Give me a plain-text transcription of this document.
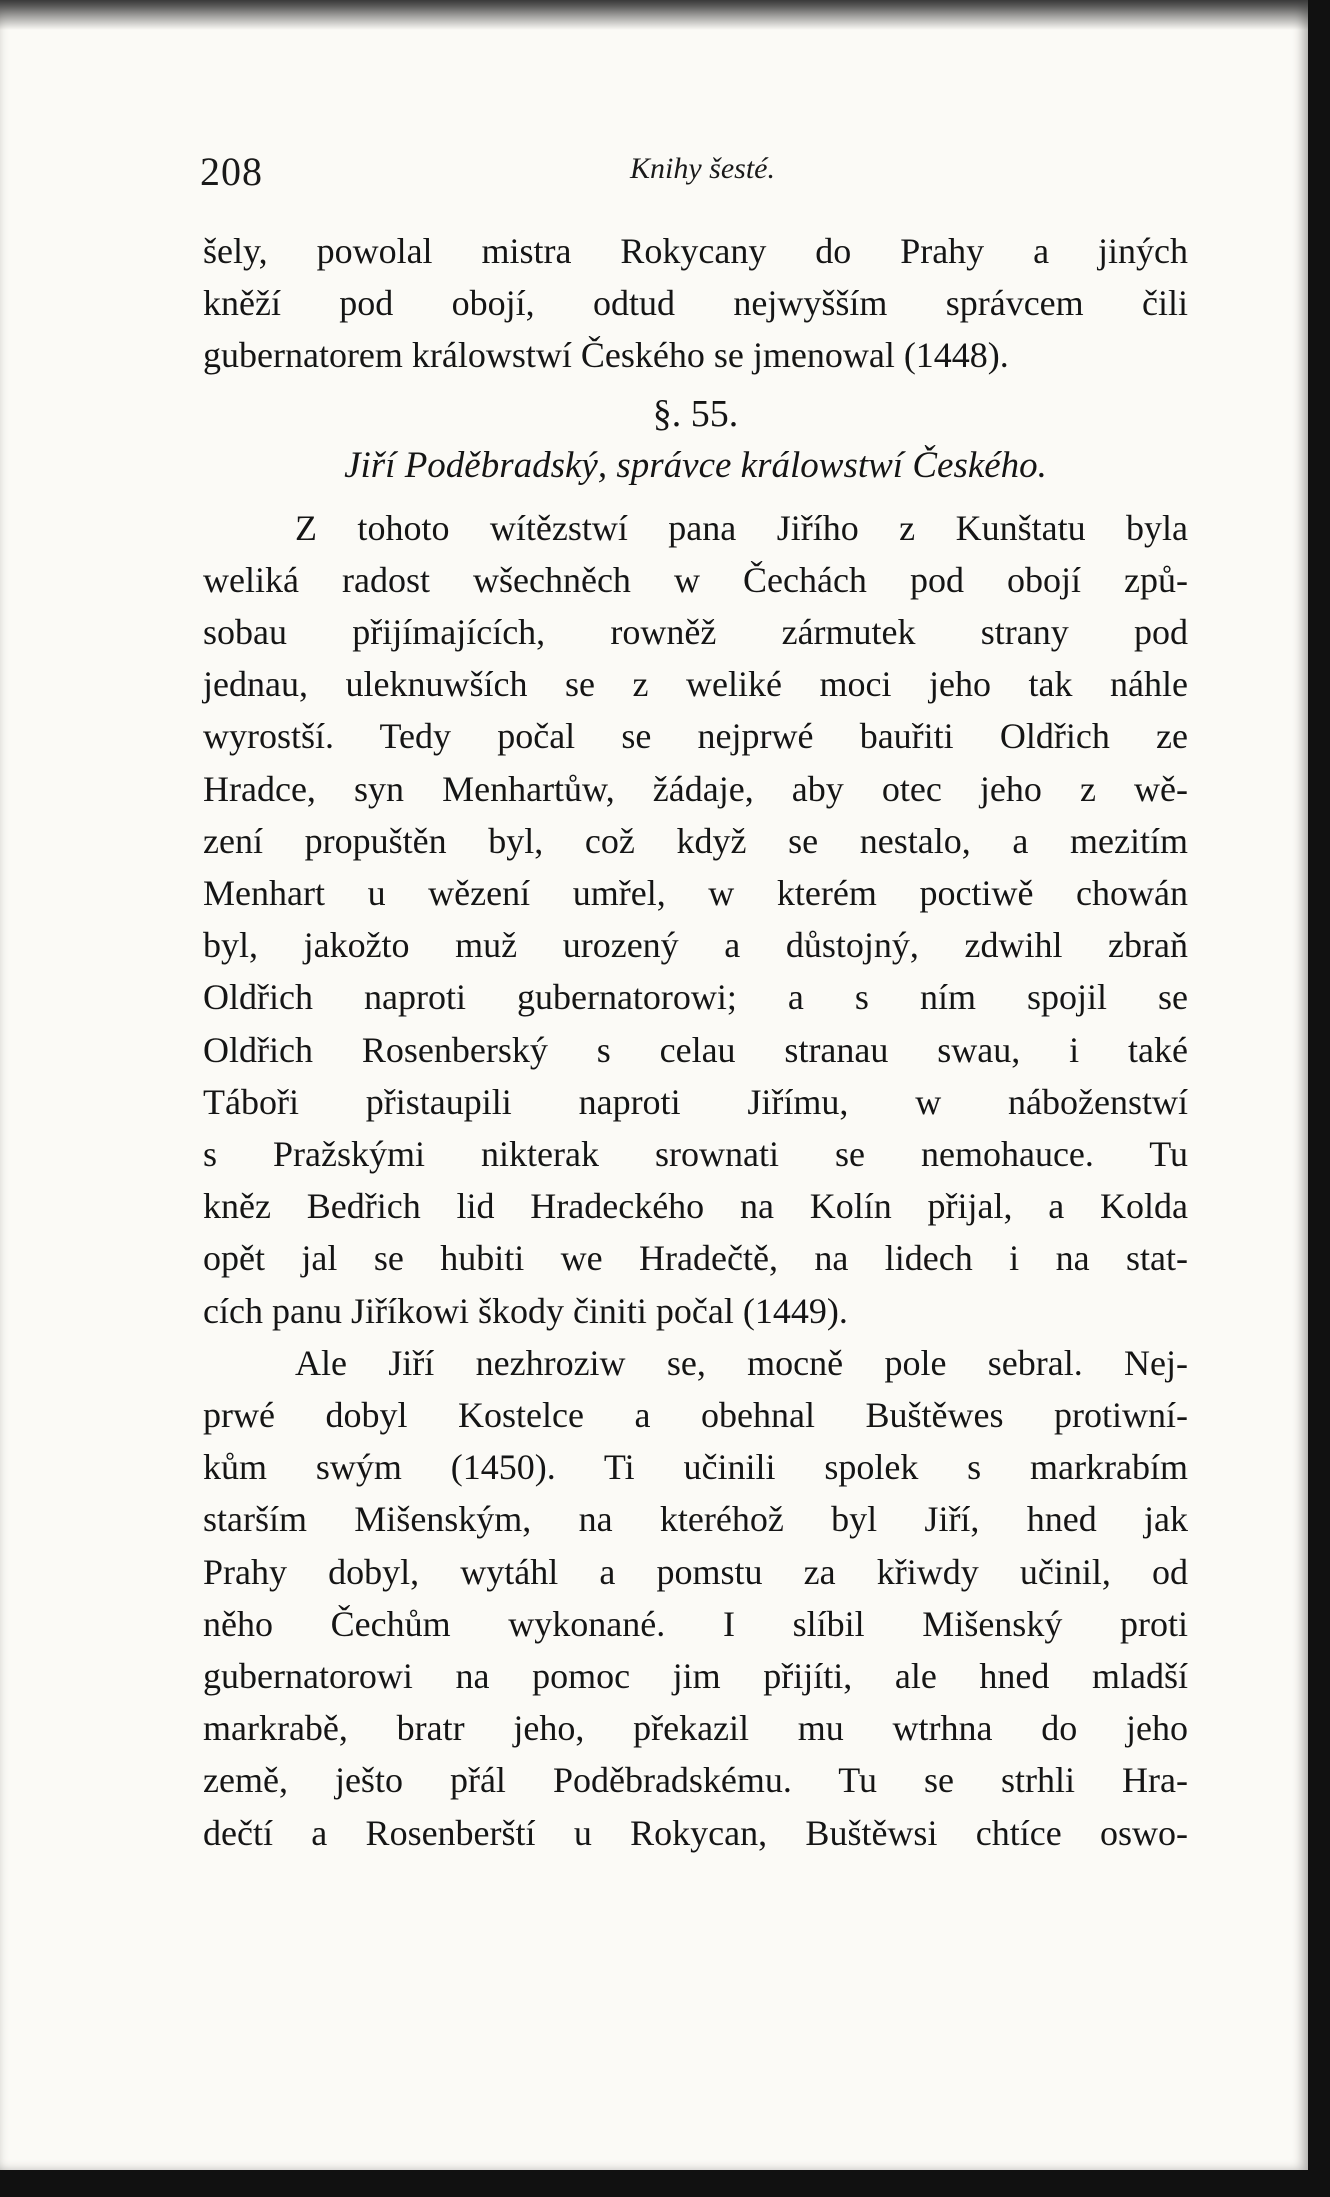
208	Knihy šesté.
šely, powolal mistra Rokycany do Prahy a jiných
kněží pod obojí, odtud nejwyšším správcem čili
gubernatorem králowstwí Českého se jmenowal (1448).
§. 55.
Jiří Poděbradský, správce králowstwí Českého.
Z tohoto wítězstwí pana Jiřího z Kunštatu byla
weliká radost wšechněch w Čechách pod obojí způ-
sobau přijímajících, rowněž zármutek strany pod
jednau, uleknuwších se z weliké moci jeho tak náhle
wyrostší. Tedy počal se nejprwé bauřiti Oldřich ze
Hradce, syn Menhartůw, žádaje, aby otec jeho z wě-
zení propuštěn byl, což když se nestalo, a mezitím
Menhart u wězení umřel, w kterém poctiwě chowán
byl, jakožto muž urozený a důstojný, zdwihl zbraň
Oldřich naproti gubernatorowi; a s ním spojil se
Oldřich Rosenberský s celau stranau swau, i také
Táboři přistaupili naproti Jiřímu, w náboženstwí
s Pražskými nikterak srownati se nemohauce. Tu
kněz Bedřich lid Hradeckého na Kolín přijal, a Kolda
opět jal se hubiti we Hradečtě, na lidech i na stat-
cích panu Jiříkowi škody činiti počal (1449).
Ale Jiří nezhroziw se, mocně pole sebral. Nej-
prwé dobyl Kostelce a obehnal Buštěwes protiwní-
kům swým (1450). Ti učinili spolek s markrabím
starším Mišenským, na kteréhož byl Jiří, hned jak
Prahy dobyl, wytáhl a pomstu za křiwdy učinil, od
něho Čechům wykonané. I slíbil Mišenský proti
gubernatorowi na pomoc jim přijíti, ale hned mladší
markrabě, bratr jeho, překazil mu wtrhna do jeho
země, ješto přál Poděbradskému. Tu se strhli Hra-
dečtí a Rosenberští u Rokycan, Buštěwsi chtíce oswo-
